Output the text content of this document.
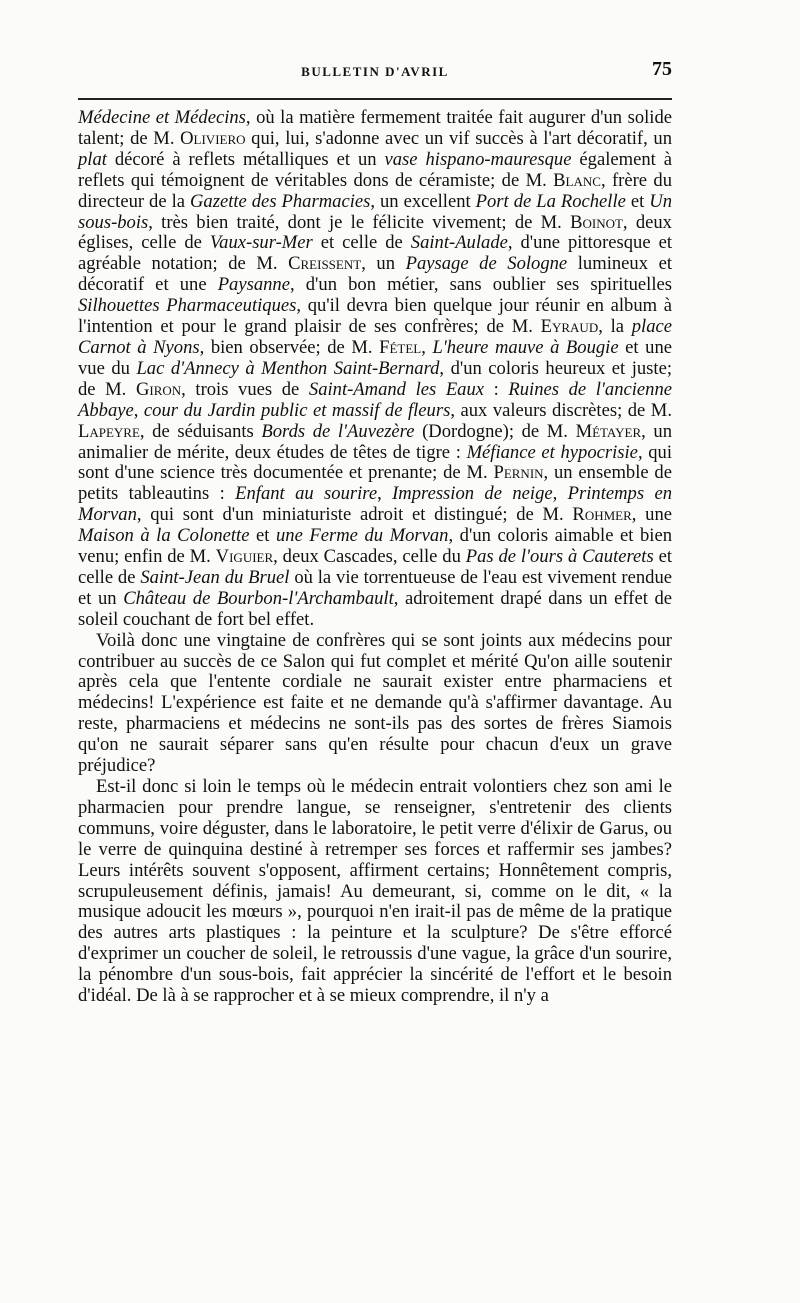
BULLETIN D'AVRIL	75

Médecine et Médecins, où la matière fermement traitée fait augurer d'un solide talent; de M. Oliviero qui, lui, s'adonne avec un vif succès à l'art décoratif, un plat décoré à reflets métalliques et un vase hispano-mauresque également à reflets qui témoignent de véritables dons de céramiste; de M. Blanc, frère du directeur de la Gazette des Pharmacies, un excellent Port de La Rochelle et Un sous-bois, très bien traité, dont je le félicite vivement; de M. Boinot, deux églises, celle de Vaux-sur-Mer et celle de Saint-Aulade, d'une pittoresque et agréable notation; de M. Creissent, un Paysage de Sologne lumineux et décoratif et une Paysanne, d'un bon métier, sans oublier ses spirituelles Silhouettes Pharmaceutiques, qu'il devra bien quelque jour réunir en album à l'intention et pour le grand plaisir de ses confrères; de M. Eyraud, la place Carnot à Nyons, bien observée; de M. Fétel, L'heure mauve à Bougie et une vue du Lac d'Annecy à Menthon Saint-Bernard, d'un coloris heureux et juste; de M. Giron, trois vues de Saint-Amand les Eaux : Ruines de l'ancienne Abbaye, cour du Jardin public et massif de fleurs, aux valeurs discrètes; de M. Lapeyre, de séduisants Bords de l'Auvezère (Dordogne); de M. Métayer, un animalier de mérite, deux études de têtes de tigre : Méfiance et hypocrisie, qui sont d'une science très documentée et prenante; de M. Pernin, un ensemble de petits tableautins : Enfant au sourire, Impression de neige, Printemps en Morvan, qui sont d'un miniaturiste adroit et distingué; de M. Rohmer, une Maison à la Colonette et une Ferme du Morvan, d'un coloris aimable et bien venu; enfin de M. Viguier, deux Cascades, celle du Pas de l'ours à Cauterets et celle de Saint-Jean du Bruel où la vie torrentueuse de l'eau est vivement rendue et un Château de Bourbon-l'Archambault, adroitement drapé dans un effet de soleil couchant de fort bel effet.

Voilà donc une vingtaine de confrères qui se sont joints aux médecins pour contribuer au succès de ce Salon qui fut complet et mérité Qu'on aille soutenir après cela que l'entente cordiale ne saurait exister entre pharmaciens et médecins! L'expérience est faite et ne demande qu'à s'affirmer davantage. Au reste, pharmaciens et médecins ne sont-ils pas des sortes de frères Siamois qu'on ne saurait séparer sans qu'en résulte pour chacun d'eux un grave préjudice?

Est-il donc si loin le temps où le médecin entrait volontiers chez son ami le pharmacien pour prendre langue, se renseigner, s'entretenir des clients communs, voire déguster, dans le laboratoire, le petit verre d'élixir de Garus, ou le verre de quinquina destiné à retremper ses forces et raffermir ses jambes? Leurs intérêts souvent s'opposent, affirment certains; Honnêtement compris, scrupuleusement définis, jamais! Au demeurant, si, comme on le dit, « la musique adoucit les mœurs », pourquoi n'en irait-il pas de même de la pratique des autres arts plastiques : la peinture et la sculpture? De s'être efforcé d'exprimer un coucher de soleil, le retroussis d'une vague, la grâce d'un sourire, la pénombre d'un sous-bois, fait apprécier la sincérité de l'effort et le besoin d'idéal. De là à se rapprocher et à se mieux comprendre, il n'y a
